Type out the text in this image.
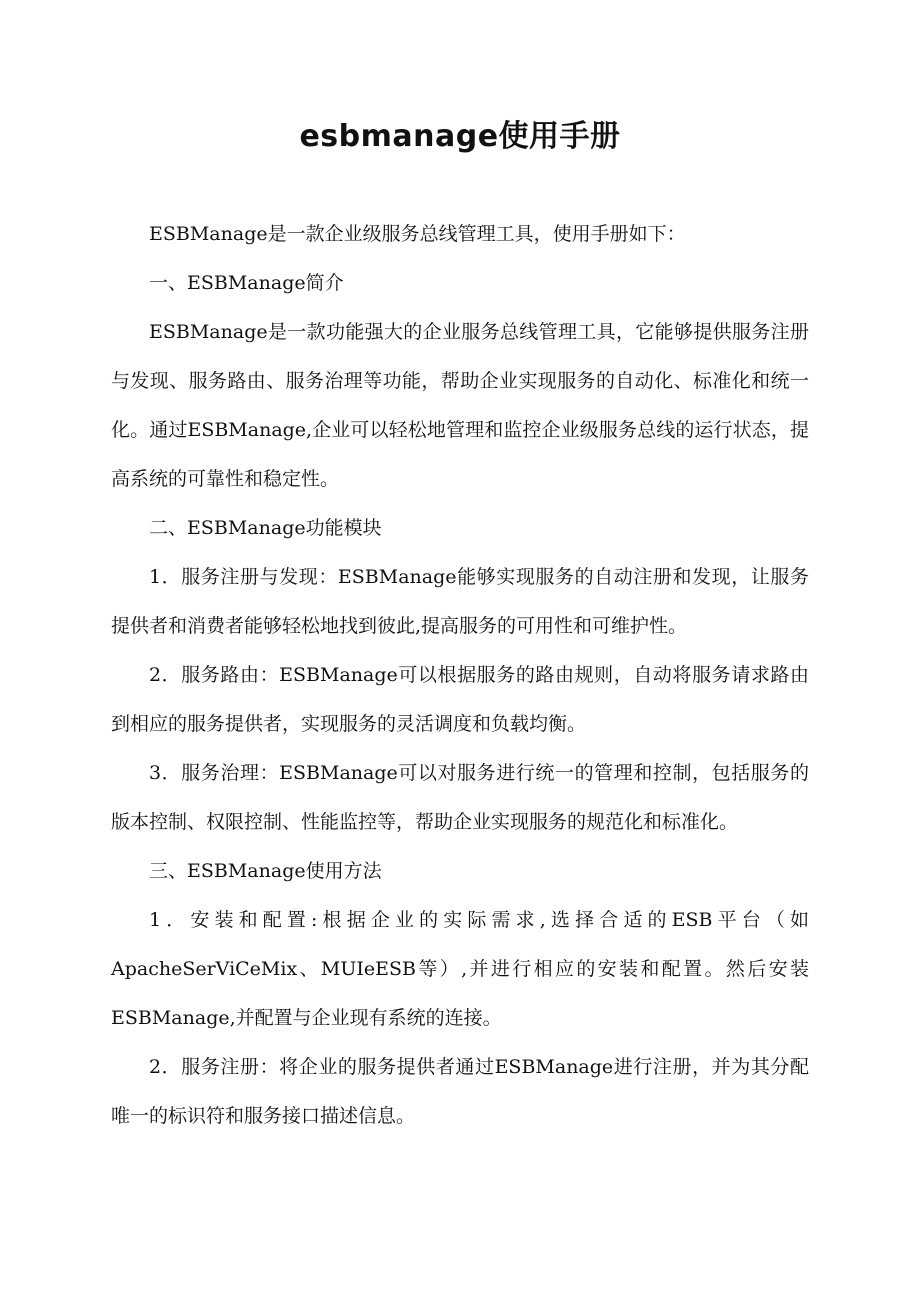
esbmanage使用手册

ESBManage是一款企业级服务总线管理工具，使用手册如下：

一、ESBManage简介

ESBManage是一款功能强大的企业服务总线管理工具，它能够提供服务注册与发现、服务路由、服务治理等功能，帮助企业实现服务的自动化、标准化和统一化。通过ESBManage,企业可以轻松地管理和监控企业级服务总线的运行状态，提高系统的可靠性和稳定性。

二、ESBManage功能模块

1．服务注册与发现：ESBManage能够实现服务的自动注册和发现，让服务提供者和消费者能够轻松地找到彼此,提高服务的可用性和可维护性。

2．服务路由：ESBManage可以根据服务的路由规则，自动将服务请求路由到相应的服务提供者，实现服务的灵活调度和负载均衡。

3．服务治理：ESBManage可以对服务进行统一的管理和控制，包括服务的版本控制、权限控制、性能监控等，帮助企业实现服务的规范化和标准化。

三、ESBManage使用方法

1．安装和配置:根据企业的实际需求,选择合适的ESB平台（如ApacheSerViCeMix、MUIeESB等）,并进行相应的安装和配置。然后安装ESBManage,并配置与企业现有系统的连接。

2．服务注册：将企业的服务提供者通过ESBManage进行注册，并为其分配唯一的标识符和服务接口描述信息。
